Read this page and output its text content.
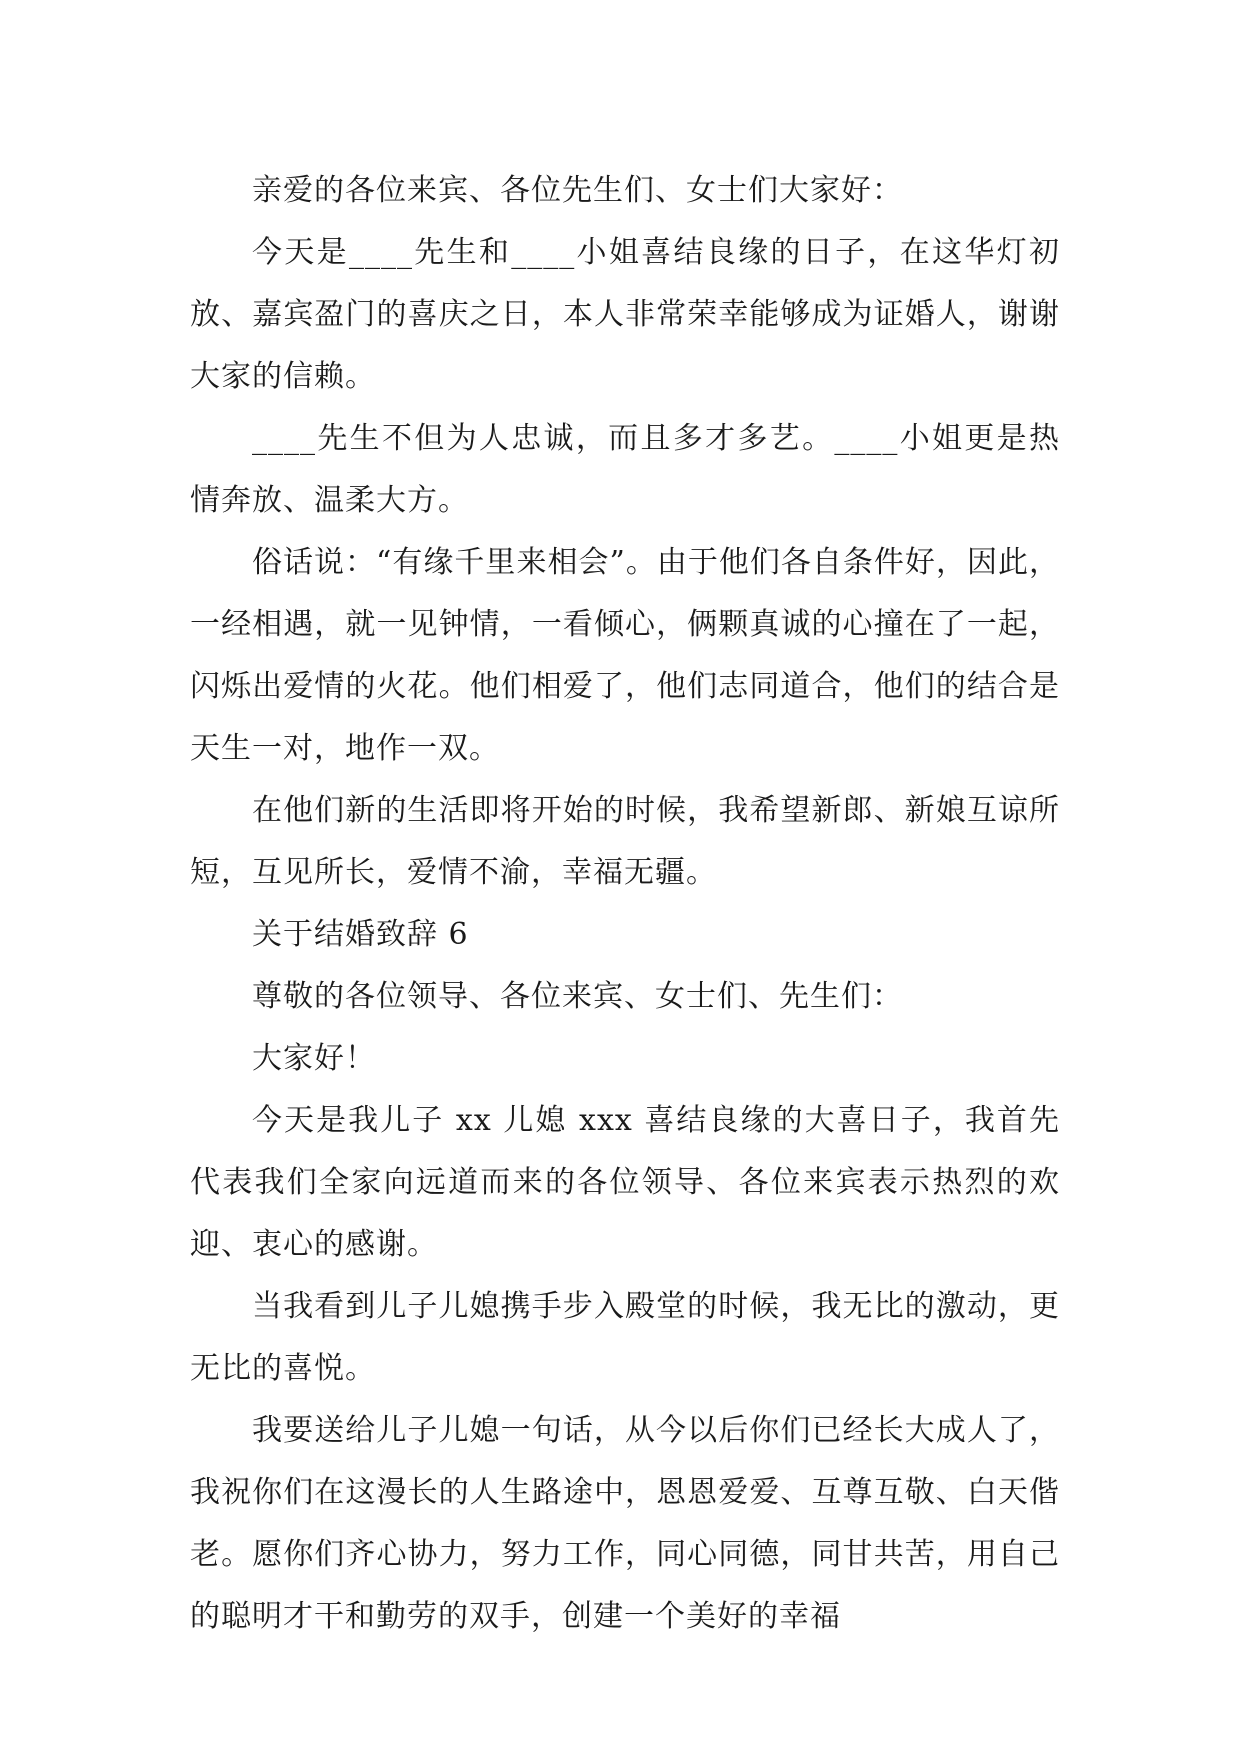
亲爱的各位来宾、各位先生们、女士们大家好：

今天是____先生和____小姐喜结良缘的日子，在这华灯初放、嘉宾盈门的喜庆之日，本人非常荣幸能够成为证婚人，谢谢大家的信赖。

____先生不但为人忠诚，而且多才多艺。____小姐更是热情奔放、温柔大方。

俗话说：“有缘千里来相会”。由于他们各自条件好，因此，一经相遇，就一见钟情，一看倾心，俩颗真诚的心撞在了一起，闪烁出爱情的火花。他们相爱了，他们志同道合，他们的结合是天生一对，地作一双。

在他们新的生活即将开始的时候，我希望新郎、新娘互谅所短，互见所长，爱情不渝，幸福无疆。

关于结婚致辞 6

尊敬的各位领导、各位来宾、女士们、先生们：

大家好！

今天是我儿子 xx 儿媳 xxx 喜结良缘的大喜日子，我首先代表我们全家向远道而来的各位领导、各位来宾表示热烈的欢迎、衷心的感谢。

当我看到儿子儿媳携手步入殿堂的时候，我无比的激动，更无比的喜悦。

我要送给儿子儿媳一句话，从今以后你们已经长大成人了，我祝你们在这漫长的人生路途中，恩恩爱爱、互尊互敬、白天偕老。愿你们齐心协力，努力工作，同心同德，同甘共苦，用自己的聪明才干和勤劳的双手，创建一个美好的幸福
